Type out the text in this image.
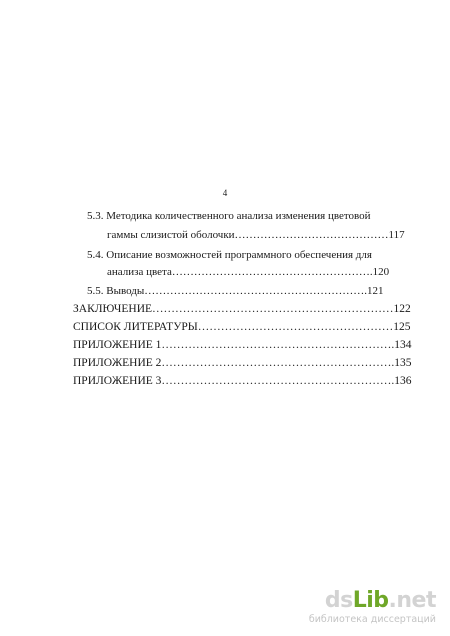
4
5.3. Методика количественного анализа изменения цветовой
гаммы слизистой оболочки……………………………………117
5.4. Описание возможностей программного обеспечения для
анализа цвета……………………………………………….120
5.5. Выводы…………………………………………………….121
ЗАКЛЮЧЕНИЕ………………………………………………………122
СПИСОК ЛИТЕРАТУРЫ……………………………………………125
ПРИЛОЖЕНИЕ 1…………………………………………………….134
ПРИЛОЖЕНИЕ 2…………………………………………………….135
ПРИЛОЖЕНИЕ 3…………………………………………………….136
dsLib.net
библиотека диссертаций
